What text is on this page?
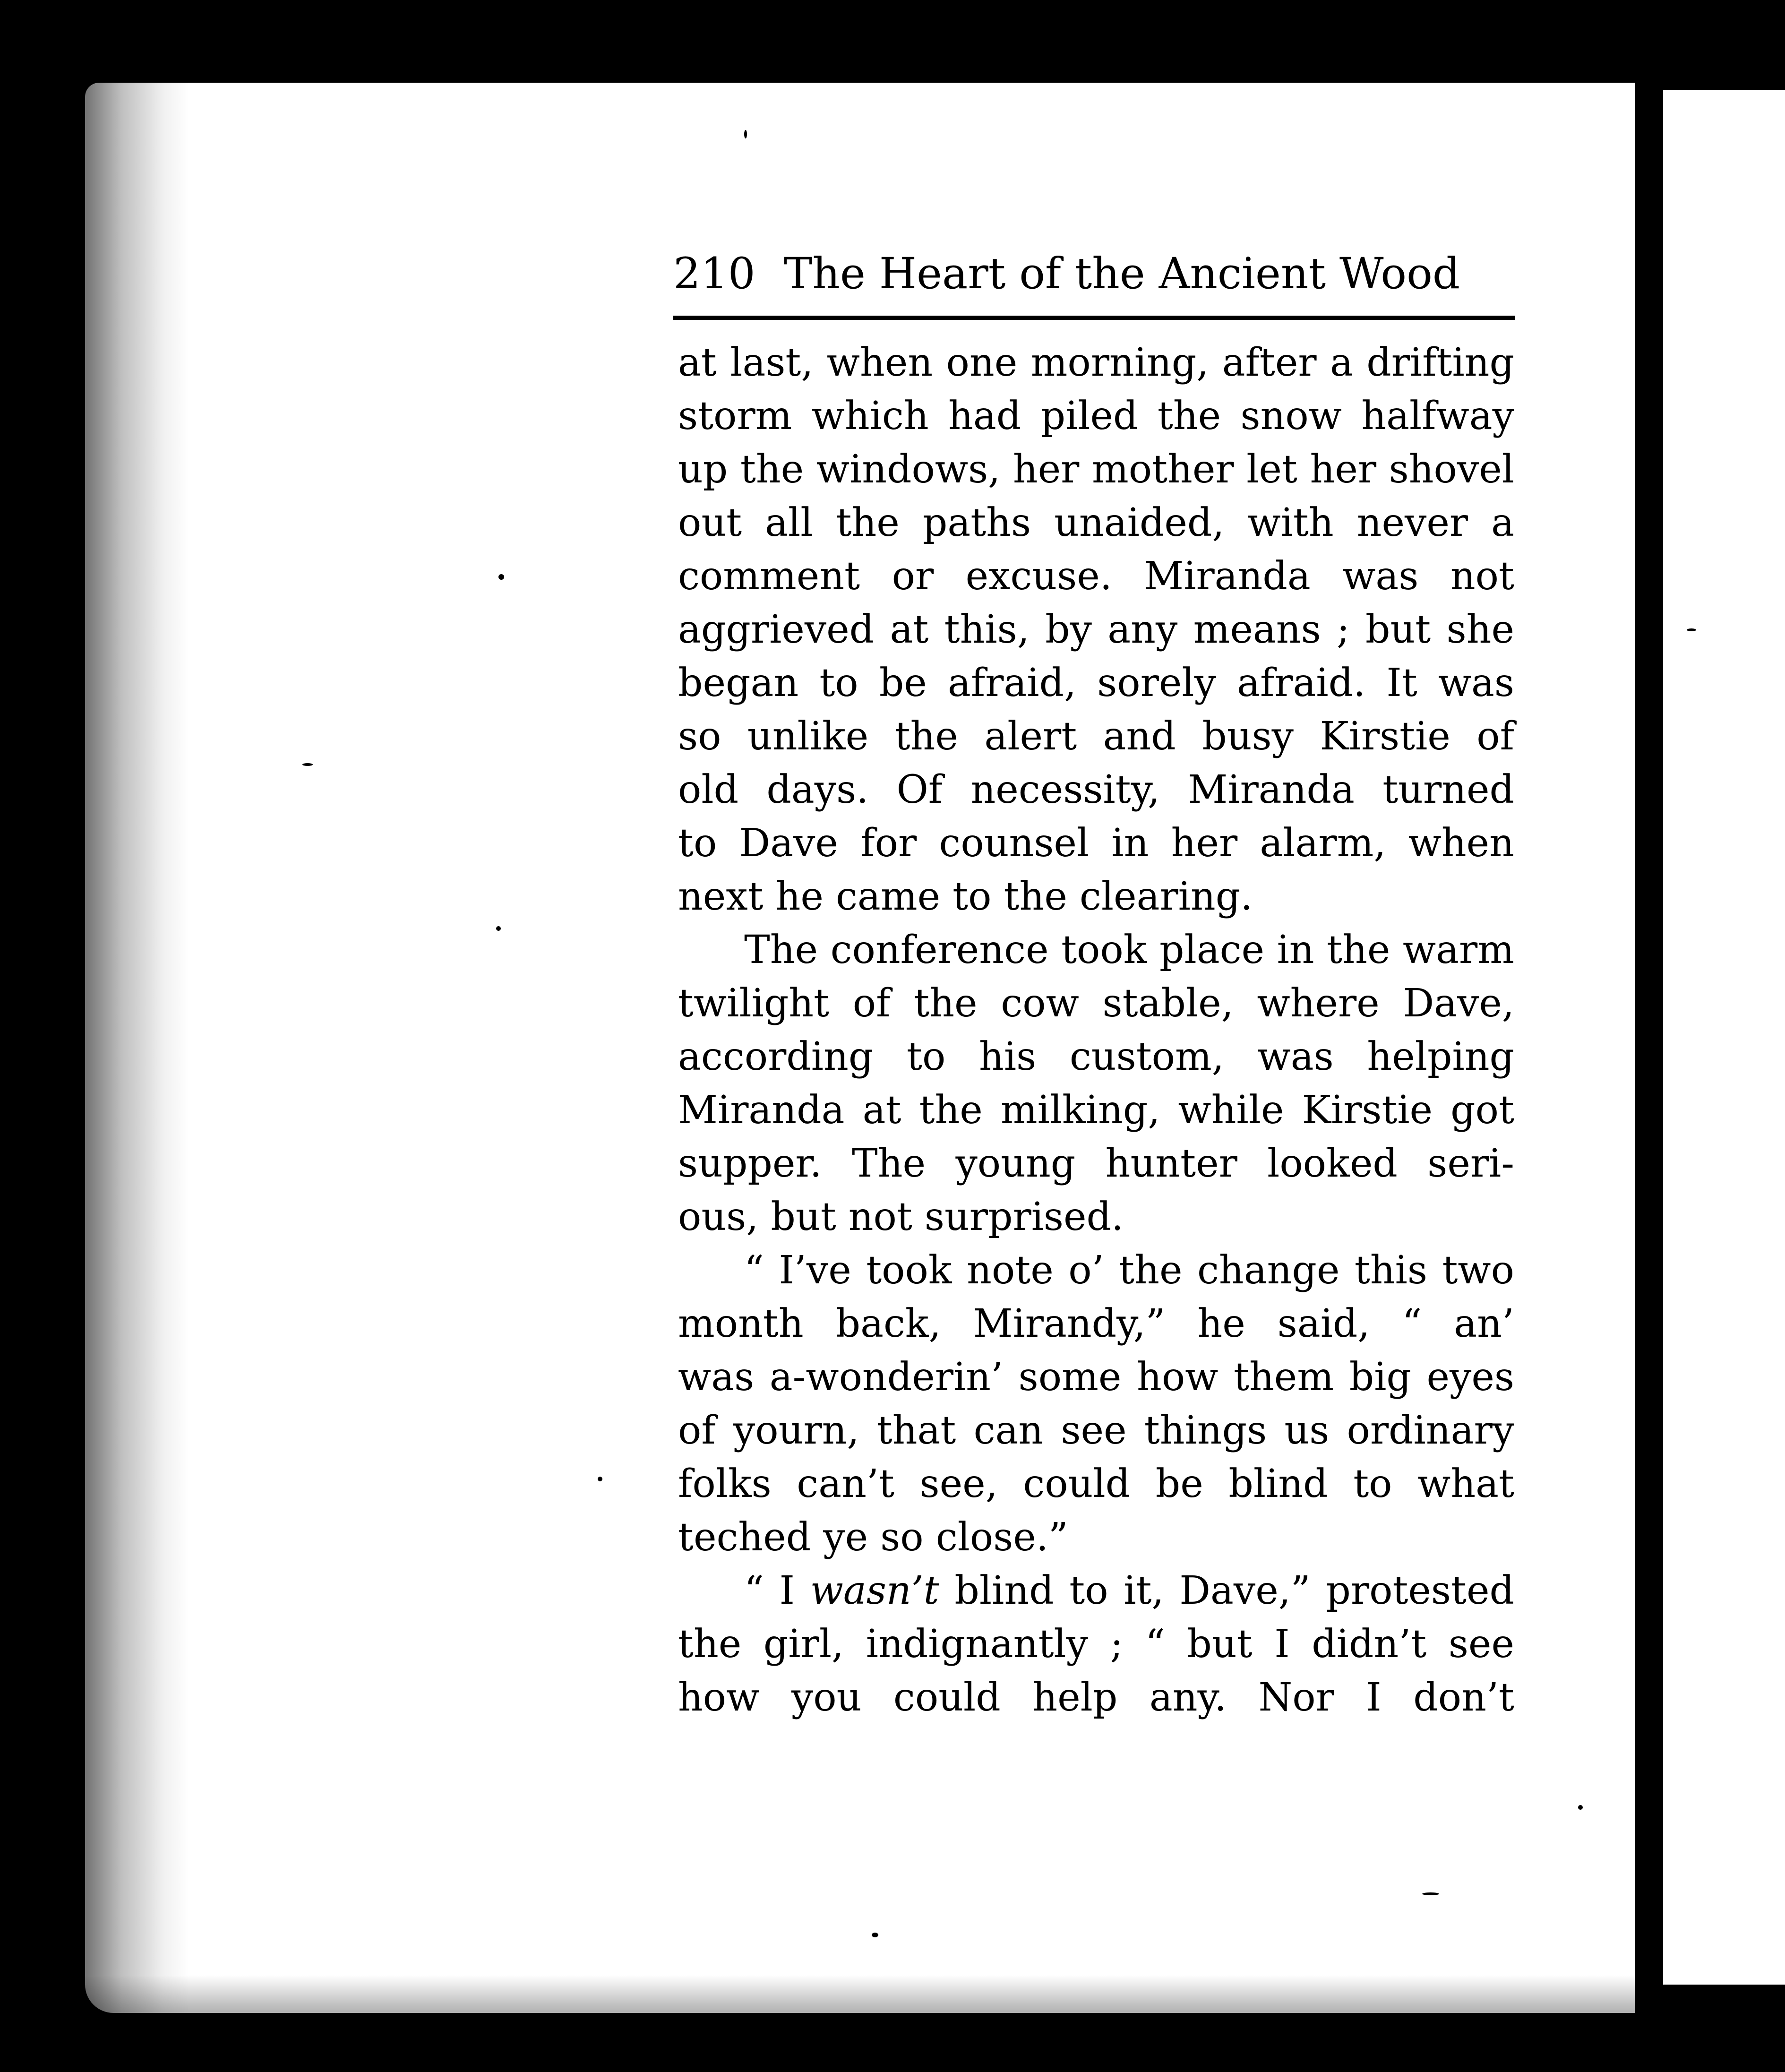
210 The Heart of the Ancient Wood
at last, when one morning, after a drifting
storm which had piled the snow halfway
up the windows, her mother let her shovel
out all the paths unaided, with never a
comment or excuse. Miranda was not
aggrieved at this, by any means ; but she
began to be afraid, sorely afraid. It was
so unlike the alert and busy Kirstie of
old days. Of necessity, Miranda turned
to Dave for counsel in her alarm, when
next he came to the clearing.
The conference took place in the warm
twilight of the cow stable, where Dave,
according to his custom, was helping
Miranda at the milking, while Kirstie got
supper. The young hunter looked seri-
ous, but not surprised.
“ I’ve took note o’ the change this two
month back, Mirandy,” he said, “ an’
was a-wonderin’ some how them big eyes
of yourn, that can see things us ordinary
folks can’t see, could be blind to what
teched ye so close.”
“ I wasn’t blind to it, Dave,” protested
the girl, indignantly ; “ but I didn’t see
how you could help any. Nor I don’t
